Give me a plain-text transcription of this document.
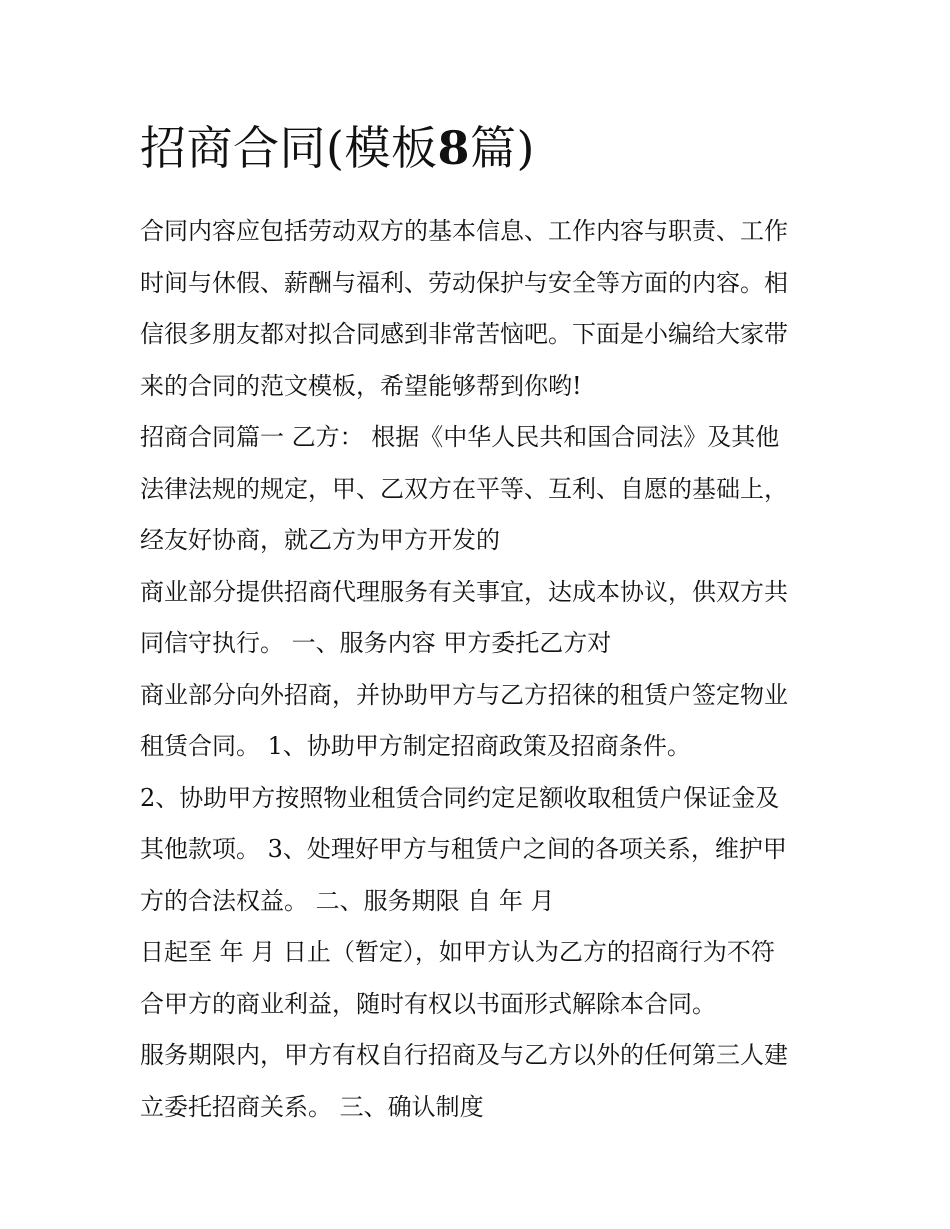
招商合同(模板8篇)

合同内容应包括劳动双方的基本信息、工作内容与职责、工作
时间与休假、薪酬与福利、劳动保护与安全等方面的内容。相
信很多朋友都对拟合同感到非常苦恼吧。下面是小编给大家带
来的合同的范文模板，希望能够帮到你哟!

招商合同篇一 乙方： 根据《中华人民共和国合同法》及其他
法律法规的规定，甲、乙双方在平等、互利、自愿的基础上，
经友好协商，就乙方为甲方开发的

商业部分提供招商代理服务有关事宜，达成本协议，供双方共
同信守执行。 一、服务内容 甲方委托乙方对

商业部分向外招商，并协助甲方与乙方招徕的租赁户签定物业
租赁合同。 1、协助甲方制定招商政策及招商条件。

2、协助甲方按照物业租赁合同约定足额收取租赁户保证金及
其他款项。 3、处理好甲方与租赁户之间的各项关系，维护甲
方的合法权益。 二、服务期限 自 年 月

日起至 年 月 日止（暂定），如甲方认为乙方的招商行为不符
合甲方的商业利益，随时有权以书面形式解除本合同。

服务期限内，甲方有权自行招商及与乙方以外的任何第三人建
立委托招商关系。 三、确认制度
